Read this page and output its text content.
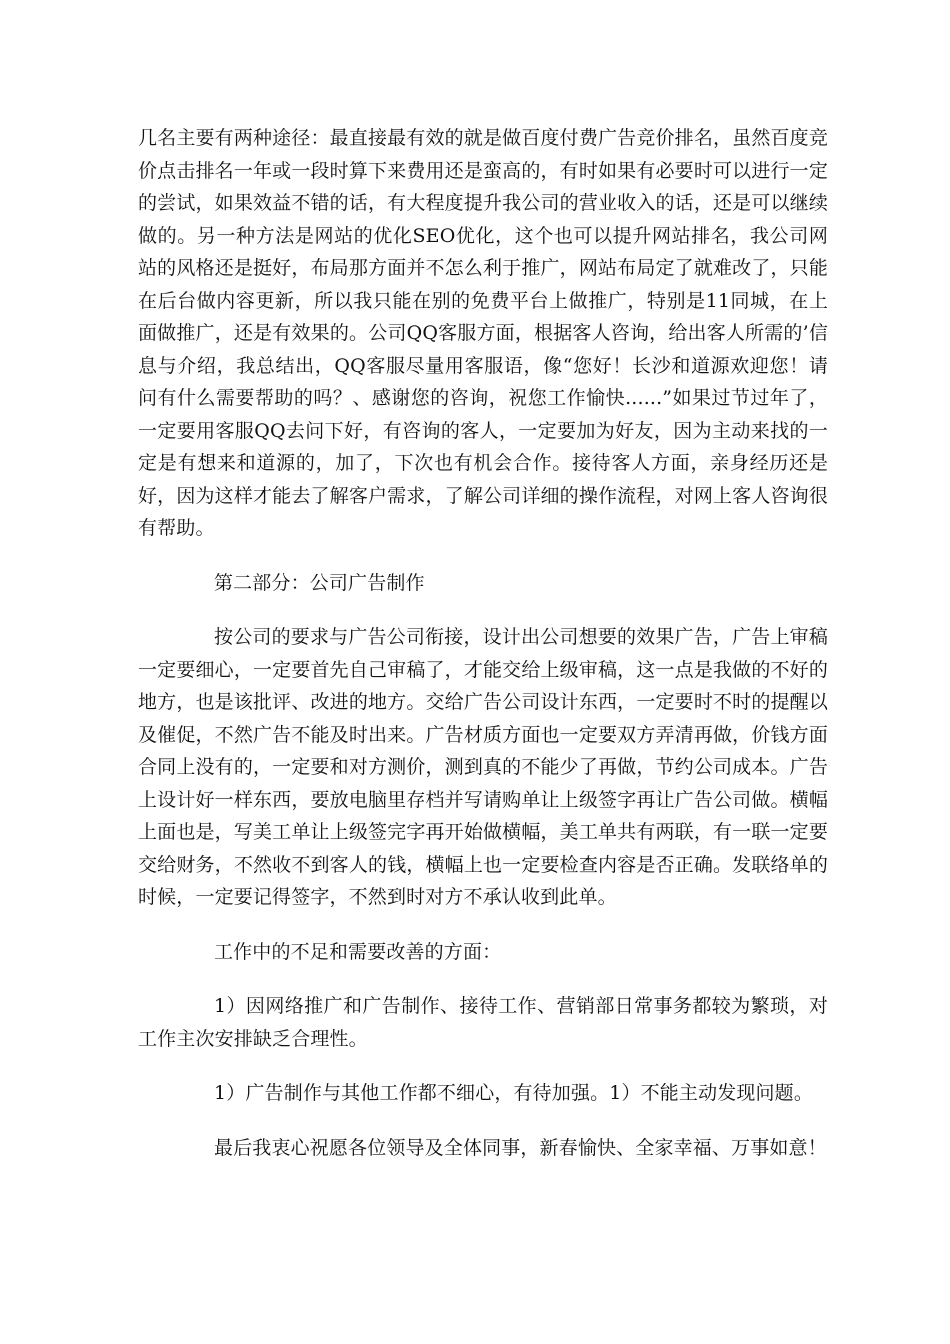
几名主要有两种途径：最直接最有效的就是做百度付费广告竞价排名，虽然百度竞价点击排名一年或一段时算下来费用还是蛮高的，有时如果有必要时可以进行一定的尝试，如果效益不错的话，有大程度提升我公司的营业收入的话，还是可以继续做的。另一种方法是网站的优化SEO优化，这个也可以提升网站排名，我公司网站的风格还是挺好，布局那方面并不怎么利于推广，网站布局定了就难改了，只能在后台做内容更新，所以我只能在别的免费平台上做推广，特别是11同城，在上面做推广，还是有效果的。公司QQ客服方面，根据客人咨询，给出客人所需的’信息与介绍，我总结出，QQ客服尽量用客服语，像“您好！长沙和道源欢迎您！请问有什么需要帮助的吗？、感谢您的咨询，祝您工作愉快......”如果过节过年了，一定要用客服QQ去问下好，有咨询的客人，一定要加为好友，因为主动来找的一定是有想来和道源的，加了，下次也有机会合作。接待客人方面，亲身经历还是好，因为这样才能去了解客户需求，了解公司详细的操作流程，对网上客人咨询很有帮助。

第二部分：公司广告制作

按公司的要求与广告公司衔接，设计出公司想要的效果广告，广告上审稿一定要细心，一定要首先自己审稿了，才能交给上级审稿，这一点是我做的不好的地方，也是该批评、改进的地方。交给广告公司设计东西，一定要时不时的提醒以及催促，不然广告不能及时出来。广告材质方面也一定要双方弄清再做，价钱方面合同上没有的，一定要和对方测价，测到真的不能少了再做，节约公司成本。广告上设计好一样东西，要放电脑里存档并写请购单让上级签字再让广告公司做。横幅上面也是，写美工单让上级签完字再开始做横幅，美工单共有两联，有一联一定要交给财务，不然收不到客人的钱，横幅上也一定要检查内容是否正确。发联络单的时候，一定要记得签字，不然到时对方不承认收到此单。

工作中的不足和需要改善的方面：

1）因网络推广和广告制作、接待工作、营销部日常事务都较为繁琐，对工作主次安排缺乏合理性。

1）广告制作与其他工作都不细心，有待加强。1）不能主动发现问题。

最后我衷心祝愿各位领导及全体同事，新春愉快、全家幸福、万事如意！
